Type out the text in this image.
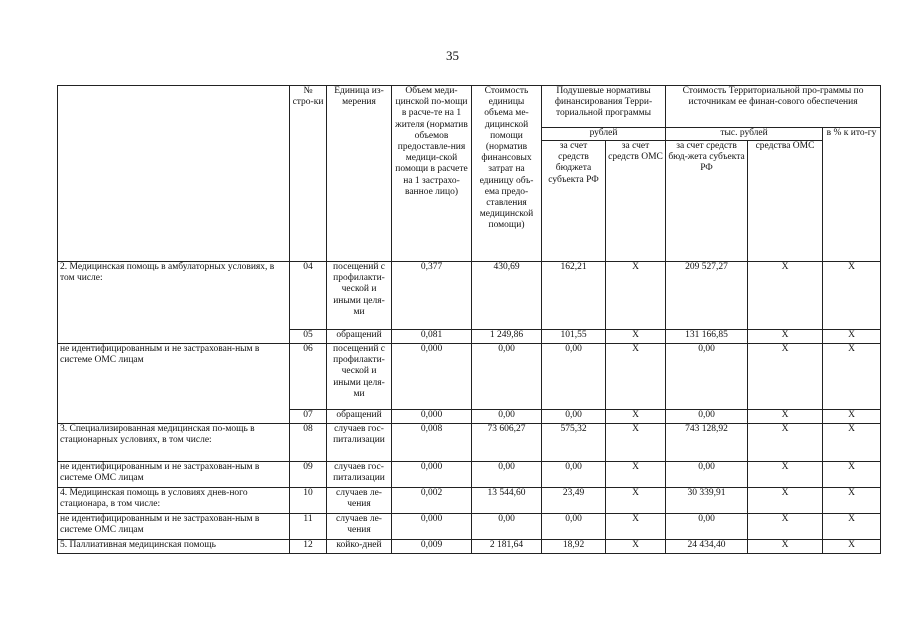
35
	№ стро-ки	Единица из-мерения	Объем меди-цинской по-мощи в расче-те на 1 жителя (норматив объемов предоставле-ния медици-ской помощи в расчете на 1 застрахо-ванное лицо)	Стоимость единицы объема ме-дицинской помощи (норматив финансовых затрат на единицу объ-ема предо-ставления медицинской помощи)	Подушевые нормативы финансирования Терри-ториальной программы		Стоимость Территориальной про-граммы по источникам ее финан-сового обеспечения		
					рублей		тыс. рублей		в % к ито-гу
					за счет средств бюджета субъекта РФ	за счет средств ОМС	за счет средств бюд-жета субъекта РФ	средства ОМС	
2. Медицинская помощь в амбулаторных условиях, в том числе:	04	посещений с профилакти-ческой и иными целя-ми	0,377	430,69	162,21	Х	209 527,27	Х	Х
	05	обращений	0,081	1 249,86	101,55	Х	131 166,85	Х	Х
не идентифицированным и не застрахован-ным в системе ОМС лицам	06	посещений с профилакти-ческой и иными целя-ми	0,000	0,00	0,00	Х	0,00	Х	Х
	07	обращений	0,000	0,00	0,00	Х	0,00	Х	Х
3. Специализированная медицинская по-мощь в стационарных условиях, в том числе:	08	случаев гос-питализации	0,008	73 606,27	575,32	Х	743 128,92	Х	Х
не идентифицированным и не застрахован-ным в системе ОМС лицам	09	случаев гос-питализации	0,000	0,00	0,00	Х	0,00	Х	Х
4. Медицинская помощь в условиях днев-ного стационара, в том числе:	10	случаев ле-чения	0,002	13 544,60	23,49	Х	30 339,91	Х	Х
не идентифицированным и не застрахован-ным в системе ОМС лицам	11	случаев ле-чения	0,000	0,00	0,00	Х	0,00	Х	Х
5. Паллиативная медицинская помощь	12	койко-дней	0,009	2 181,64	18,92	Х	24 434,40	Х	Х
